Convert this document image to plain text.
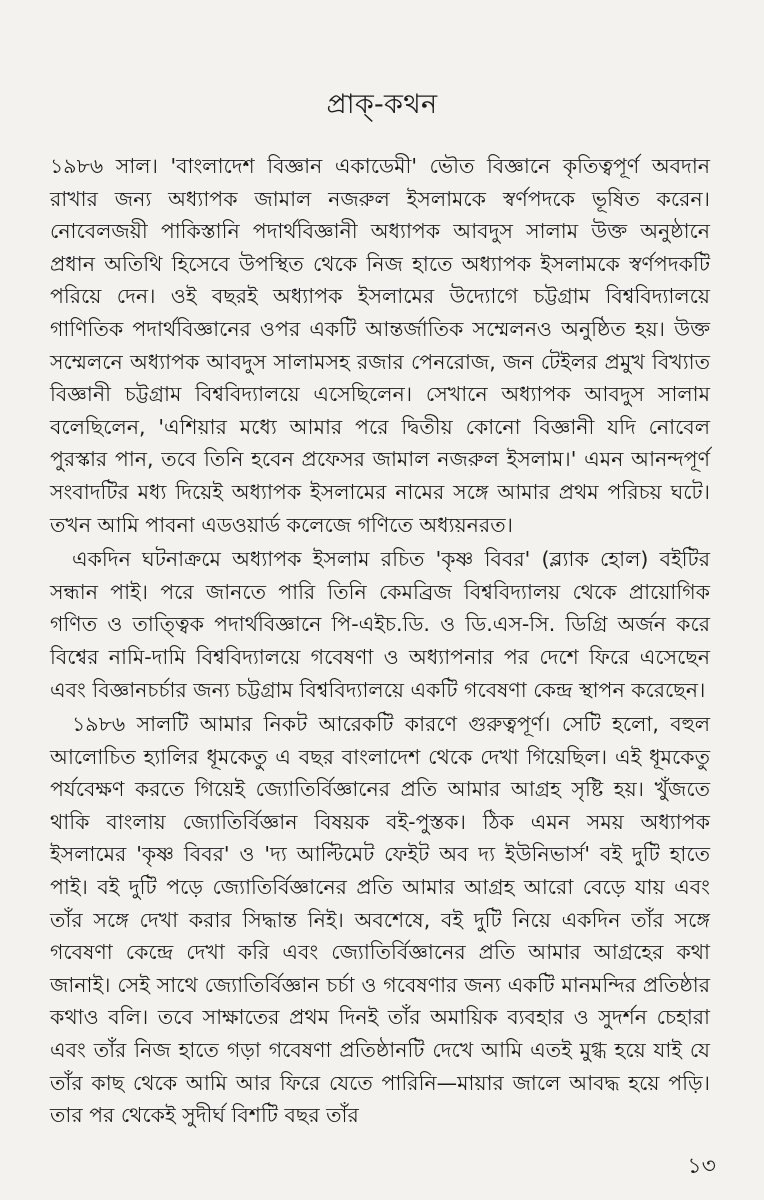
প্রাক্-কথন

১৯৮৬ সাল। 'বাংলাদেশ বিজ্ঞান একাডেমী' ভৌত বিজ্ঞানে কৃতিত্বপূর্ণ অবদান রাখার জন্য অধ্যাপক জামাল নজরুল ইসলামকে স্বর্ণপদকে ভূষিত করেন। নোবেলজয়ী পাকিস্তানি পদার্থবিজ্ঞানী অধ্যাপক আবদুস সালাম উক্ত অনুষ্ঠানে প্রধান অতিথি হিসেবে উপস্থিত থেকে নিজ হাতে অধ্যাপক ইসলামকে স্বর্ণপদকটি পরিয়ে দেন। ওই বছরই অধ্যাপক ইসলামের উদ্যোগে চট্টগ্রাম বিশ্ববিদ্যালয়ে গাণিতিক পদার্থবিজ্ঞানের ওপর একটি আন্তর্জাতিক সম্মেলনও অনুষ্ঠিত হয়। উক্ত সম্মেলনে অধ্যাপক আবদুস সালামসহ রজার পেনরোজ, জন টেইলর প্রমুখ বিখ্যাত বিজ্ঞানী চট্টগ্রাম বিশ্ববিদ্যালয়ে এসেছিলেন। সেখানে অধ্যাপক আবদুস সালাম বলেছিলেন, 'এশিয়ার মধ্যে আমার পরে দ্বিতীয় কোনো বিজ্ঞানী যদি নোবেল পুরস্কার পান, তবে তিনি হবেন প্রফেসর জামাল নজরুল ইসলাম।' এমন আনন্দপূর্ণ সংবাদটির মধ্য দিয়েই অধ্যাপক ইসলামের নামের সঙ্গে আমার প্রথম পরিচয় ঘটে। তখন আমি পাবনা এডওয়ার্ড কলেজে গণিতে অধ্যয়নরত।

একদিন ঘটনাক্রমে অধ্যাপক ইসলাম রচিত 'কৃষ্ণ বিবর' (ব্ল্যাক হোল) বইটির সন্ধান পাই। পরে জানতে পারি তিনি কেমব্রিজ বিশ্ববিদ্যালয় থেকে প্রায়োগিক গণিত ও তাত্ত্বিক পদার্থবিজ্ঞানে পি-এইচ.ডি. ও ডি.এস-সি. ডিগ্রি অর্জন করে বিশ্বের নামি-দামি বিশ্ববিদ্যালয়ে গবেষণা ও অধ্যাপনার পর দেশে ফিরে এসেছেন এবং বিজ্ঞানচর্চার জন্য চট্টগ্রাম বিশ্ববিদ্যালয়ে একটি গবেষণা কেন্দ্র স্থাপন করেছেন।

১৯৮৬ সালটি আমার নিকট আরেকটি কারণে গুরুত্বপূর্ণ। সেটি হলো, বহুল আলোচিত হ্যালির ধূমকেতু এ বছর বাংলাদেশ থেকে দেখা গিয়েছিল। এই ধূমকেতু পর্যবেক্ষণ করতে গিয়েই জ্যোতির্বিজ্ঞানের প্রতি আমার আগ্রহ সৃষ্টি হয়। খুঁজতে থাকি বাংলায় জ্যোতির্বিজ্ঞান বিষয়ক বই-পুস্তক। ঠিক এমন সময় অধ্যাপক ইসলামের 'কৃষ্ণ বিবর' ও 'দ্য আল্টিমেট ফেইট অব দ্য ইউনিভার্স' বই দুটি হাতে পাই। বই দুটি পড়ে জ্যোতির্বিজ্ঞানের প্রতি আমার আগ্রহ আরো বেড়ে যায় এবং তাঁর সঙ্গে দেখা করার সিদ্ধান্ত নিই। অবশেষে, বই দুটি নিয়ে একদিন তাঁর সঙ্গে গবেষণা কেন্দ্রে দেখা করি এবং জ্যোতির্বিজ্ঞানের প্রতি আমার আগ্রহের কথা জানাই। সেই সাথে জ্যোতির্বিজ্ঞান চর্চা ও গবেষণার জন্য একটি মানমন্দির প্রতিষ্ঠার কথাও বলি। তবে সাক্ষাতের প্রথম দিনই তাঁর অমায়িক ব্যবহার ও সুদর্শন চেহারা এবং তাঁর নিজ হাতে গড়া গবেষণা প্রতিষ্ঠানটি দেখে আমি এতই মুগ্ধ হয়ে যাই যে তাঁর কাছ থেকে আমি আর ফিরে যেতে পারিনি—মায়ার জালে আবদ্ধ হয়ে পড়ি। তার পর থেকেই সুদীর্ঘ বিশটি বছর তাঁর

১৩
